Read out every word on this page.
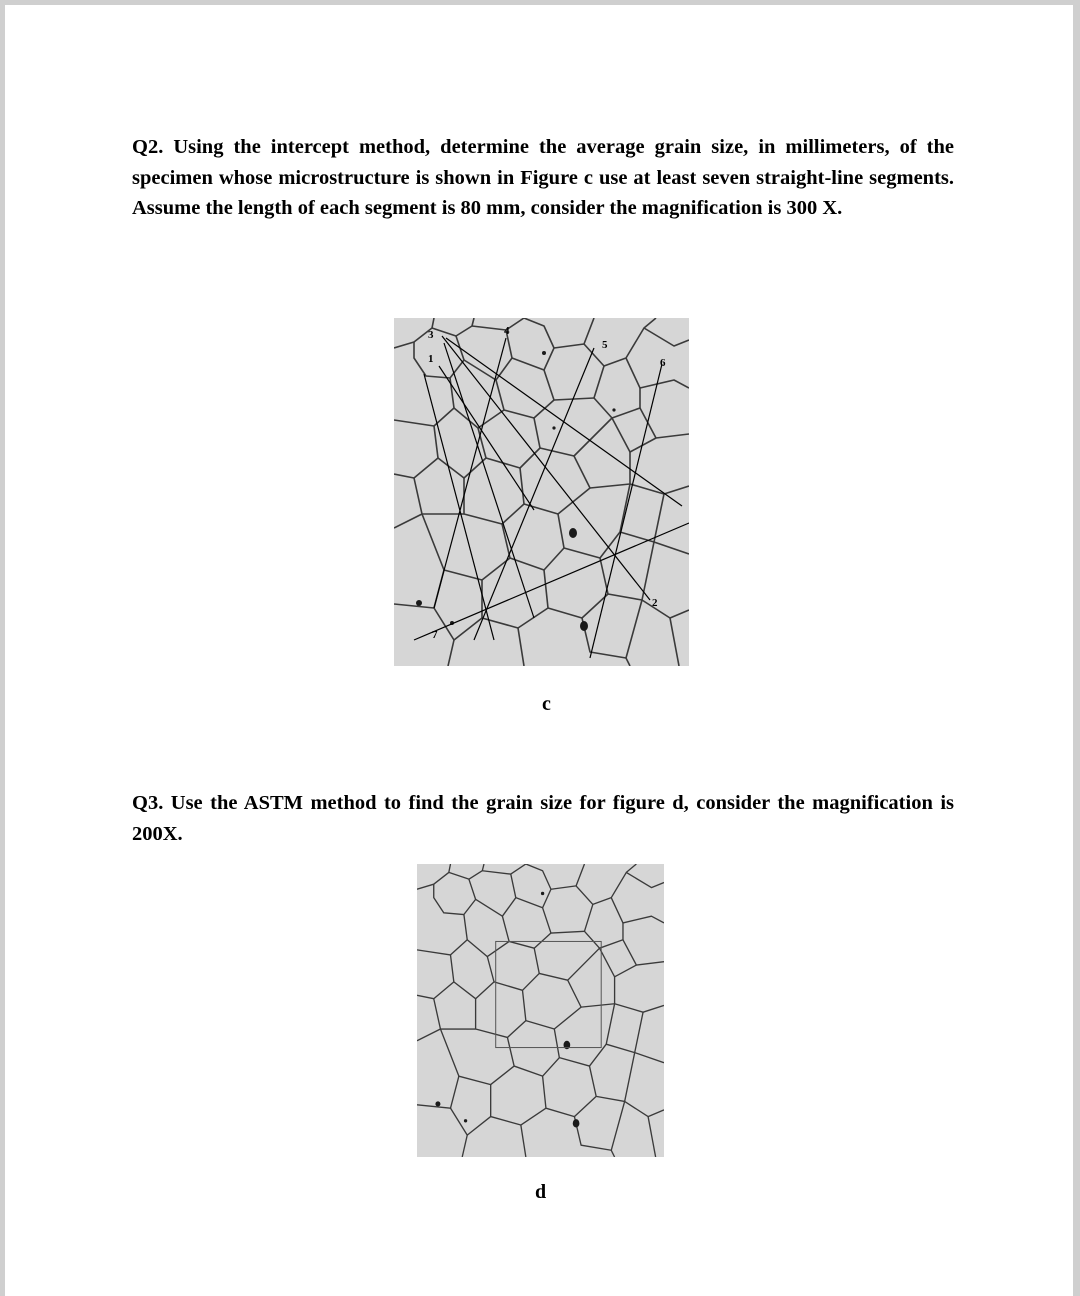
Q2. Using the intercept method, determine the average grain size, in millimeters, of the specimen whose microstructure is shown in Figure c use at least seven straight-line segments. Assume the length of each segment is 80 mm, consider the magnification is 300 X.

1
2
3	4
5
6
7

c

Q3. Use the ASTM method to find the grain size for figure d, consider the magnification is 200X.

d
